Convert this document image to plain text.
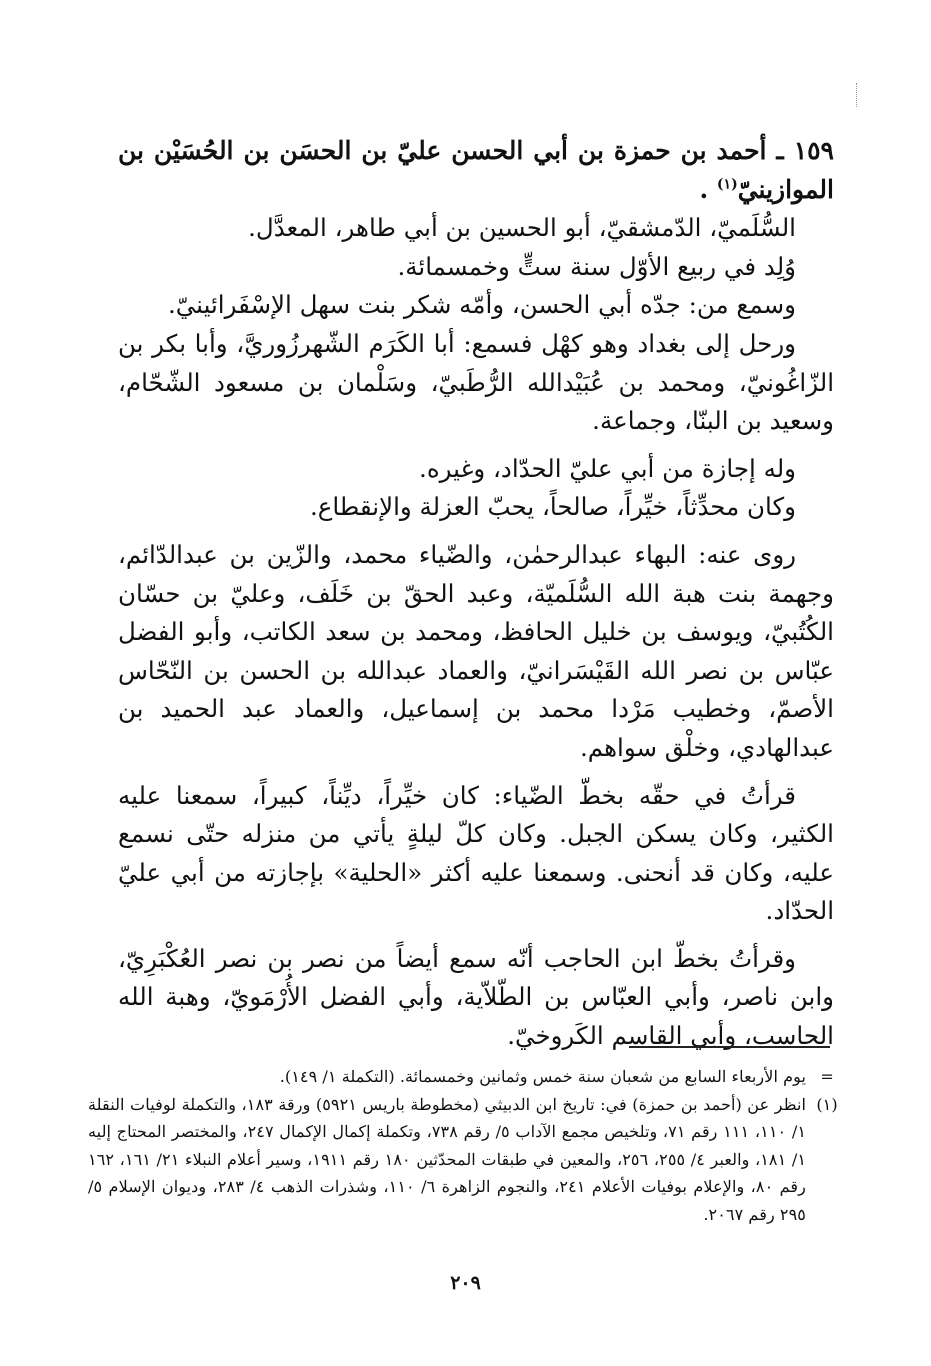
١٥٩ ـ أحمد بن حمزة بن أبي الحسن عليّ بن الحسَن بن الحُسَيْن بن الموازينيّ$^{(١)}$ .

السُّلَميّ، الدّمشقيّ، أبو الحسين بن أبي طاهر، المعدَّل.

وُلِد في ربيع الأوّل سنة ستٍّ وخمسمائة.

وسمع من: جدّه أبي الحسن، وأمّه شكر بنت سهل الإسْفَرائينيّ.

ورحل إلى بغداد وهو كهْل فسمع: أبا الكَرَم الشّهرزُوريَّ، وأبا بكر بن الزّاغُونيّ، ومحمد بن عُبَيْدالله الرُّطَبيّ، وسَلْمان بن مسعود الشّحّام، وسعيد بن البنّا، وجماعة.

وله إجازة من أبي عليّ الحدّاد، وغيره.

وكان محدِّثاً، خيِّراً، صالحاً، يحبّ العزلة والإنقطاع.

روى عنه: البهاء عبدالرحمٰن، والضّياء محمد، والزّين بن عبدالدّائم، وجهمة بنت هبة الله السُّلَميّة، وعبد الحقّ بن خَلَف، وعليّ بن حسّان الكُتُبيّ، ويوسف بن خليل الحافظ، ومحمد بن سعد الكاتب، وأبو الفضل عبّاس بن نصر الله القَيْسَرانيّ، والعماد عبدالله بن الحسن بن النّحّاس الأصمّ، وخطيب مَرْدا محمد بن إسماعيل، والعماد عبد الحميد بن عبدالهادي، وخلْق سواهم.

قرأتُ في حقّه بخطّ الضّياء: كان خيِّراً، ديِّناً، كبيراً، سمعنا عليه الكثير، وكان يسكن الجبل. وكان كلّ ليلةٍ يأتي من منزله حتّى نسمع عليه، وكان قد أنحنى. وسمعنا عليه أكثر «الحلية» بإجازته من أبي عليّ الحدّاد.

وقرأتُ بخطّ ابن الحاجب أنّه سمع أيضاً من نصر بن نصر العُكْبَرِيّ، وابن ناصر، وأبي العبّاس بن الطّلاّية، وأبي الفضل الأُرْمَويّ، وهبة الله الحاسب، وأبي القاسم الكَروخيّ.

=
يوم الأربعاء السابع من شعبان سنة خمس وثمانين وخمسمائة. (التكملة ١/ ١٤٩).
(١)
انظر عن (أحمد بن حمزة) في: تاريخ ابن الدبيثي (مخطوطة باريس ٥٩٢١) ورقة ١٨٣، والتكملة لوفيات النقلة ١/ ١١٠، ١١١ رقم ٧١، وتلخيص مجمع الآداب ٥/ رقم ٧٣٨، وتكملة إكمال الإكمال ٢٤٧، والمختصر المحتاج إليه ١/ ١٨١، والعبر ٤/ ٢٥٥، ٢٥٦، والمعين في طبقات المحدّثين ١٨٠ رقم ١٩١١، وسير أعلام النبلاء ٢١/ ١٦١، ١٦٢ رقم ٨٠، والإعلام بوفيات الأعلام ٢٤١، والنجوم الزاهرة ٦/ ١١٠، وشذرات الذهب ٤/ ٢٨٣، وديوان الإسلام ٥/ ٢٩٥ رقم ٢٠٦٧.
٢٠٩
